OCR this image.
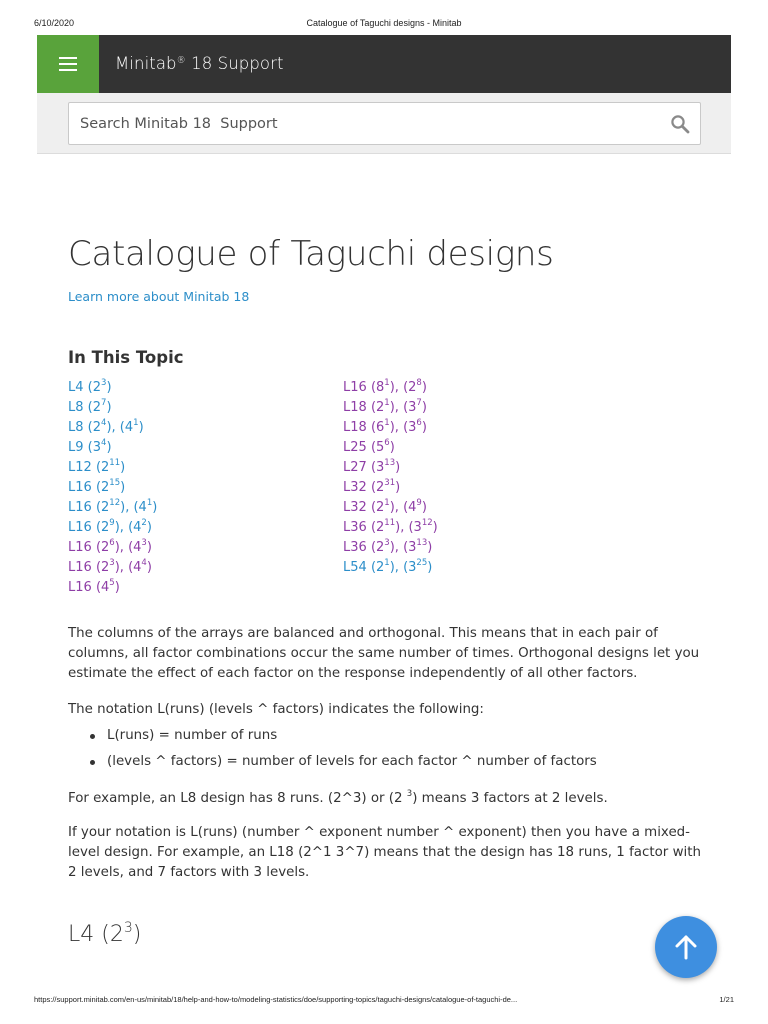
6/10/2020	Catalogue of Taguchi designs - Minitab
Minitab® 18 Support
Search Minitab 18 Support
Catalogue of Taguchi designs
Learn more about Minitab 18
In This Topic
L4 (2$^3$)
L8 (2$^7$)
L8 (2$^4$), (4$^1$)
L9 (3$^4$)
L12 (2$^{11}$)
L16 (2$^{15}$)
L16 (2$^{12}$), (4$^1$)
L16 (2$^9$), (4$^2$)
L16 (2$^6$), (4$^3$)
L16 (2$^3$), (4$^4$)
L16 (4$^5$)
L16 (8$^1$), (2$^8$)
L18 (2$^1$), (3$^7$)
L18 (6$^1$), (3$^6$)
L25 (5$^6$)
L27 (3$^{13}$)
L32 (2$^{31}$)
L32 (2$^1$), (4$^9$)
L36 (2$^{11}$), (3$^{12}$)
L36 (2$^3$), (3$^{13}$)
L54 (2$^1$), (3$^{25}$)

The columns of the arrays are balanced and orthogonal. This means that in each pair of columns, all factor combinations occur the same number of times. Orthogonal designs let you estimate the effect of each factor on the response independently of all other factors.

The notation L(runs) (levels ^ factors) indicates the following:

L(runs) = number of runs
(levels ^ factors) = number of levels for each factor ^ number of factors

For example, an L8 design has 8 runs. (2^3) or (2 $^3$) means 3 factors at 2 levels.

If your notation is L(runs) (number ^ exponent number ^ exponent) then you have a mixed-level design. For example, an L18 (2^1 3^7) means that the design has 18 runs, 1 factor with 2 levels, and 7 factors with 3 levels.

L4 $(2^3)$
https://support.minitab.com/en-us/minitab/18/help-and-how-to/modeling-statistics/doe/supporting-topics/taguchi-designs/catalogue-of-taguchi-de...	1/21
